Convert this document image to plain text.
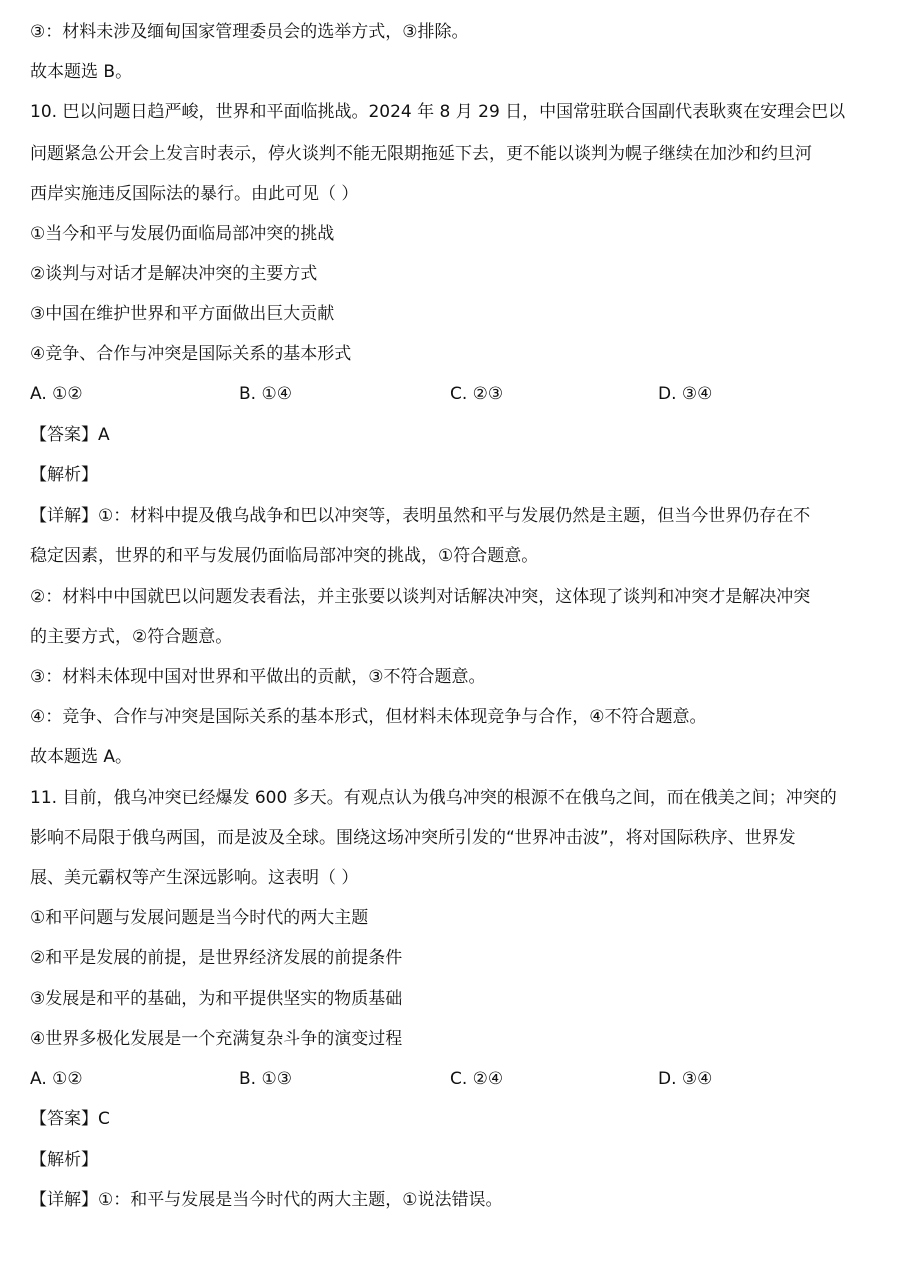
③：材料未涉及缅甸国家管理委员会的选举方式，③排除。
故本题选 B。
10. 巴以问题日趋严峻，世界和平面临挑战。2024 年 8 月 29 日，中国常驻联合国副代表耿爽在安理会巴以
问题紧急公开会上发言时表示，停火谈判不能无限期拖延下去，更不能以谈判为幌子继续在加沙和约旦河
西岸实施违反国际法的暴行。由此可见（ ）
①当今和平与发展仍面临局部冲突的挑战
②谈判与对话才是解决冲突的主要方式
③中国在维护世界和平方面做出巨大贡献
④竞争、合作与冲突是国际关系的基本形式
A. ①②	B. ①④	C. ②③	D. ③④
【答案】A
【解析】
【详解】①：材料中提及俄乌战争和巴以冲突等，表明虽然和平与发展仍然是主题，但当今世界仍存在不
稳定因素，世界的和平与发展仍面临局部冲突的挑战，①符合题意。
②：材料中中国就巴以问题发表看法，并主张要以谈判对话解决冲突，这体现了谈判和冲突才是解决冲突
的主要方式，②符合题意。
③：材料未体现中国对世界和平做出的贡献，③不符合题意。
④：竞争、合作与冲突是国际关系的基本形式，但材料未体现竞争与合作，④不符合题意。
故本题选 A。
11. 目前，俄乌冲突已经爆发 600 多天。有观点认为俄乌冲突的根源不在俄乌之间，而在俄美之间；冲突的
影响不局限于俄乌两国，而是波及全球。围绕这场冲突所引发的“世界冲击波”，将对国际秩序、世界发
展、美元霸权等产生深远影响。这表明（ ）
①和平问题与发展问题是当今时代的两大主题
②和平是发展的前提，是世界经济发展的前提条件
③发展是和平的基础，为和平提供坚实的物质基础
④世界多极化发展是一个充满复杂斗争的演变过程
A. ①②	B. ①③	C. ②④	D. ③④
【答案】C
【解析】
【详解】①：和平与发展是当今时代的两大主题，①说法错误。
